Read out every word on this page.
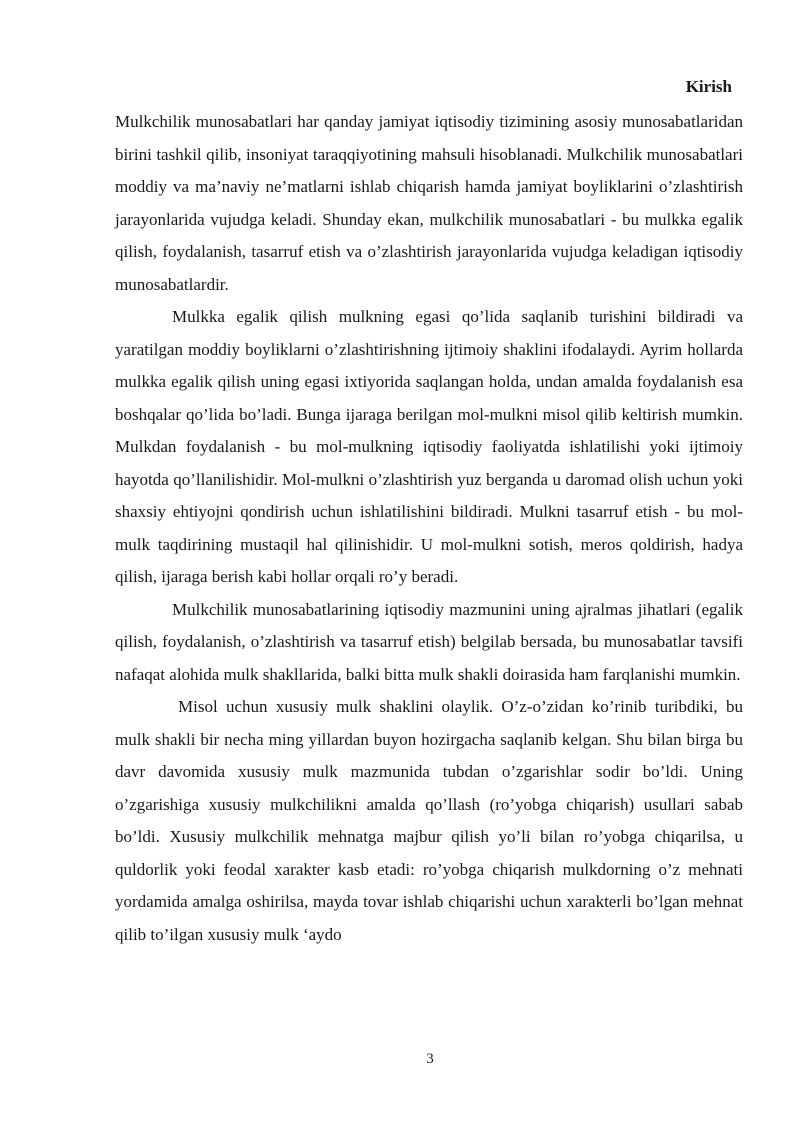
Kirish

Mulkchilik munosabatlari har qanday jamiyat iqtisodiy tizimining asosiy munosabatlaridan birini tashkil qilib, insoniyat taraqqiyotining mahsuli hisoblanadi. Mulkchilik munosabatlari moddiy va ma’naviy ne’matlarni ishlab chiqarish hamda jamiyat boyliklarini o’zlashtirish jarayonlarida vujudga keladi. Shunday ekan, mulkchilik munosabatlari - bu mulkka egalik qilish, foydalanish, tasarruf etish va o’zlashtirish jarayonlarida vujudga keladigan iqtisodiy munosabatlardir.

Mulkka egalik qilish mulkning egasi qo’lida saqlanib turishini bildiradi va yaratilgan moddiy boyliklarni o’zlashtirishning ijtimoiy shaklini ifodalaydi. Ayrim hollarda mulkka egalik qilish uning egasi ixtiyorida saqlangan holda, undan amalda foydalanish esa boshqalar qo’lida bo’ladi. Bunga ijaraga berilgan mol-mulkni misol qilib keltirish mumkin. Mulkdan foydalanish - bu mol-mulkning iqtisodiy faoliyatda ishlatilishi yoki ijtimoiy hayotda qo’llanilishidir. Mol-mulkni o’zlashtirish yuz berganda u daromad olish uchun yoki shaxsiy ehtiyojni qondirish uchun ishlatilishini bildiradi. Mulkni tasarruf etish - bu mol-mulk taqdirining mustaqil hal qilinishidir. U mol-mulkni sotish, meros qoldirish, hadya qilish, ijaraga berish kabi hollar orqali ro’y beradi.

Mulkchilik munosabatlarining iqtisodiy mazmunini uning ajralmas jihatlari (egalik qilish, foydalanish, o’zlashtirish va tasarruf etish) belgilab bersada, bu munosabatlar tavsifi nafaqat alohida mulk shakllarida, balki bitta mulk shakli doirasida ham farqlanishi mumkin.

Misol uchun xususiy mulk shaklini olaylik. O’z-o’zidan ko’rinib turibdiki, bu mulk shakli bir necha ming yillardan buyon hozirgacha saqlanib kelgan. Shu bilan birga bu davr davomida xususiy mulk mazmunida tubdan o’zgarishlar sodir bo’ldi. Uning o’zgarishiga xususiy mulkchilikni amalda qo’llash (ro’yobga chiqarish) usullari sabab bo’ldi. Xususiy mulkchilik mehnatga majbur qilish yo’li bilan ro’yobga chiqarilsa, u quldorlik yoki feodal xarakter kasb etadi: ro’yobga chiqarish mulkdorning o’z mehnati yordamida amalga oshirilsa, mayda tovar ishlab chiqarishi uchun xarakterli bo’lgan mehnat qilib to’ilgan xususiy mulk ‘aydo

3
